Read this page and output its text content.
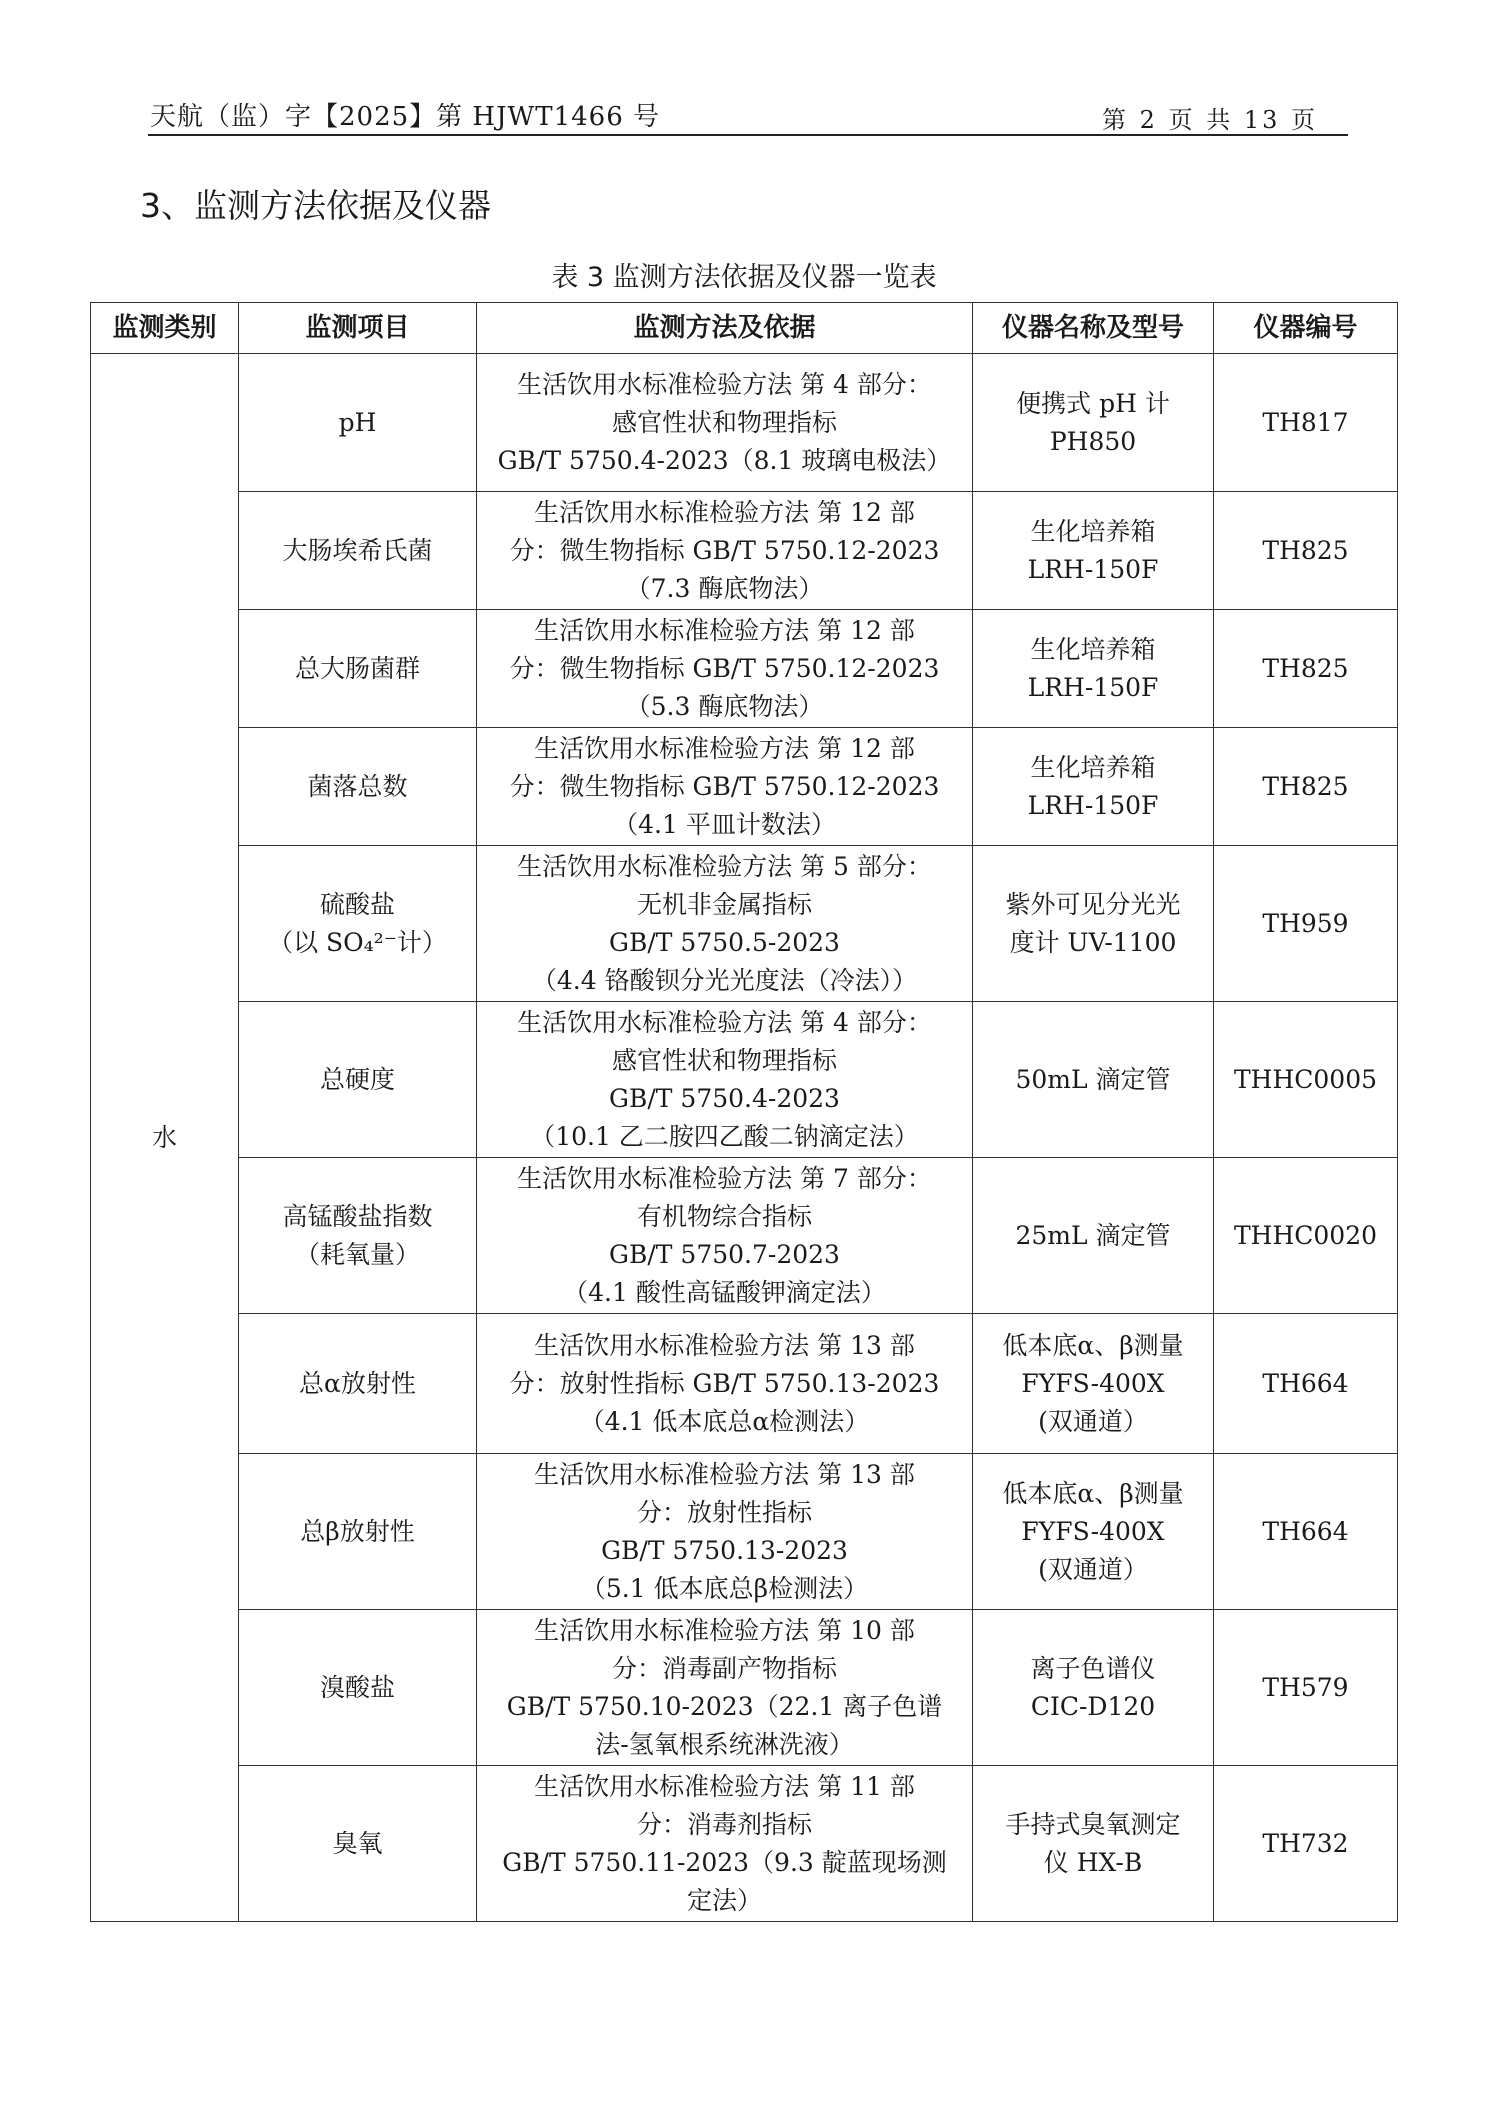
天航（监）字【2025】第 HJWT1466 号	第 2 页 共 13 页
3、监测方法依据及仪器
表 3 监测方法依据及仪器一览表
监测类别	监测项目	监测方法及依据	仪器名称及型号	仪器编号
水	pH	生活饮用水标准检验方法 第 4 部分：
感官性状和物理指标
GB/T 5750.4-2023（8.1 玻璃电极法）	便携式 pH 计
PH850	TH817
	大肠埃希氏菌	生活饮用水标准检验方法 第 12 部
分：微生物指标 GB/T 5750.12-2023
（7.3 酶底物法）	生化培养箱
LRH-150F	TH825
	总大肠菌群	生活饮用水标准检验方法 第 12 部
分：微生物指标 GB/T 5750.12-2023
（5.3 酶底物法）	生化培养箱
LRH-150F	TH825
	菌落总数	生活饮用水标准检验方法 第 12 部
分：微生物指标 GB/T 5750.12-2023
（4.1 平皿计数法）	生化培养箱
LRH-150F	TH825
	硫酸盐
（以 SO₄²⁻计）	生活饮用水标准检验方法 第 5 部分：
无机非金属指标
GB/T 5750.5-2023
（4.4 铬酸钡分光光度法（冷法））	紫外可见分光光
度计 UV-1100	TH959
	总硬度	生活饮用水标准检验方法 第 4 部分：
感官性状和物理指标
GB/T 5750.4-2023
（10.1 乙二胺四乙酸二钠滴定法）	50mL 滴定管	THHC0005
	高锰酸盐指数
（耗氧量）	生活饮用水标准检验方法 第 7 部分：
有机物综合指标
GB/T 5750.7-2023
（4.1 酸性高锰酸钾滴定法）	25mL 滴定管	THHC0020
	总α放射性	生活饮用水标准检验方法 第 13 部
分：放射性指标 GB/T 5750.13-2023
（4.1 低本底总α检测法）	低本底α、β测量
FYFS-400X
(双通道）	TH664
	总β放射性	生活饮用水标准检验方法 第 13 部
分：放射性指标
GB/T 5750.13-2023
（5.1 低本底总β检测法）	低本底α、β测量
FYFS-400X
(双通道）	TH664
	溴酸盐	生活饮用水标准检验方法 第 10 部
分：消毒副产物指标
GB/T 5750.10-2023（22.1 离子色谱
法-氢氧根系统淋洗液）	离子色谱仪
CIC-D120	TH579
	臭氧	生活饮用水标准检验方法 第 11 部
分：消毒剂指标
GB/T 5750.11-2023（9.3 靛蓝现场测
定法）	手持式臭氧测定
仪 HX-B	TH732
